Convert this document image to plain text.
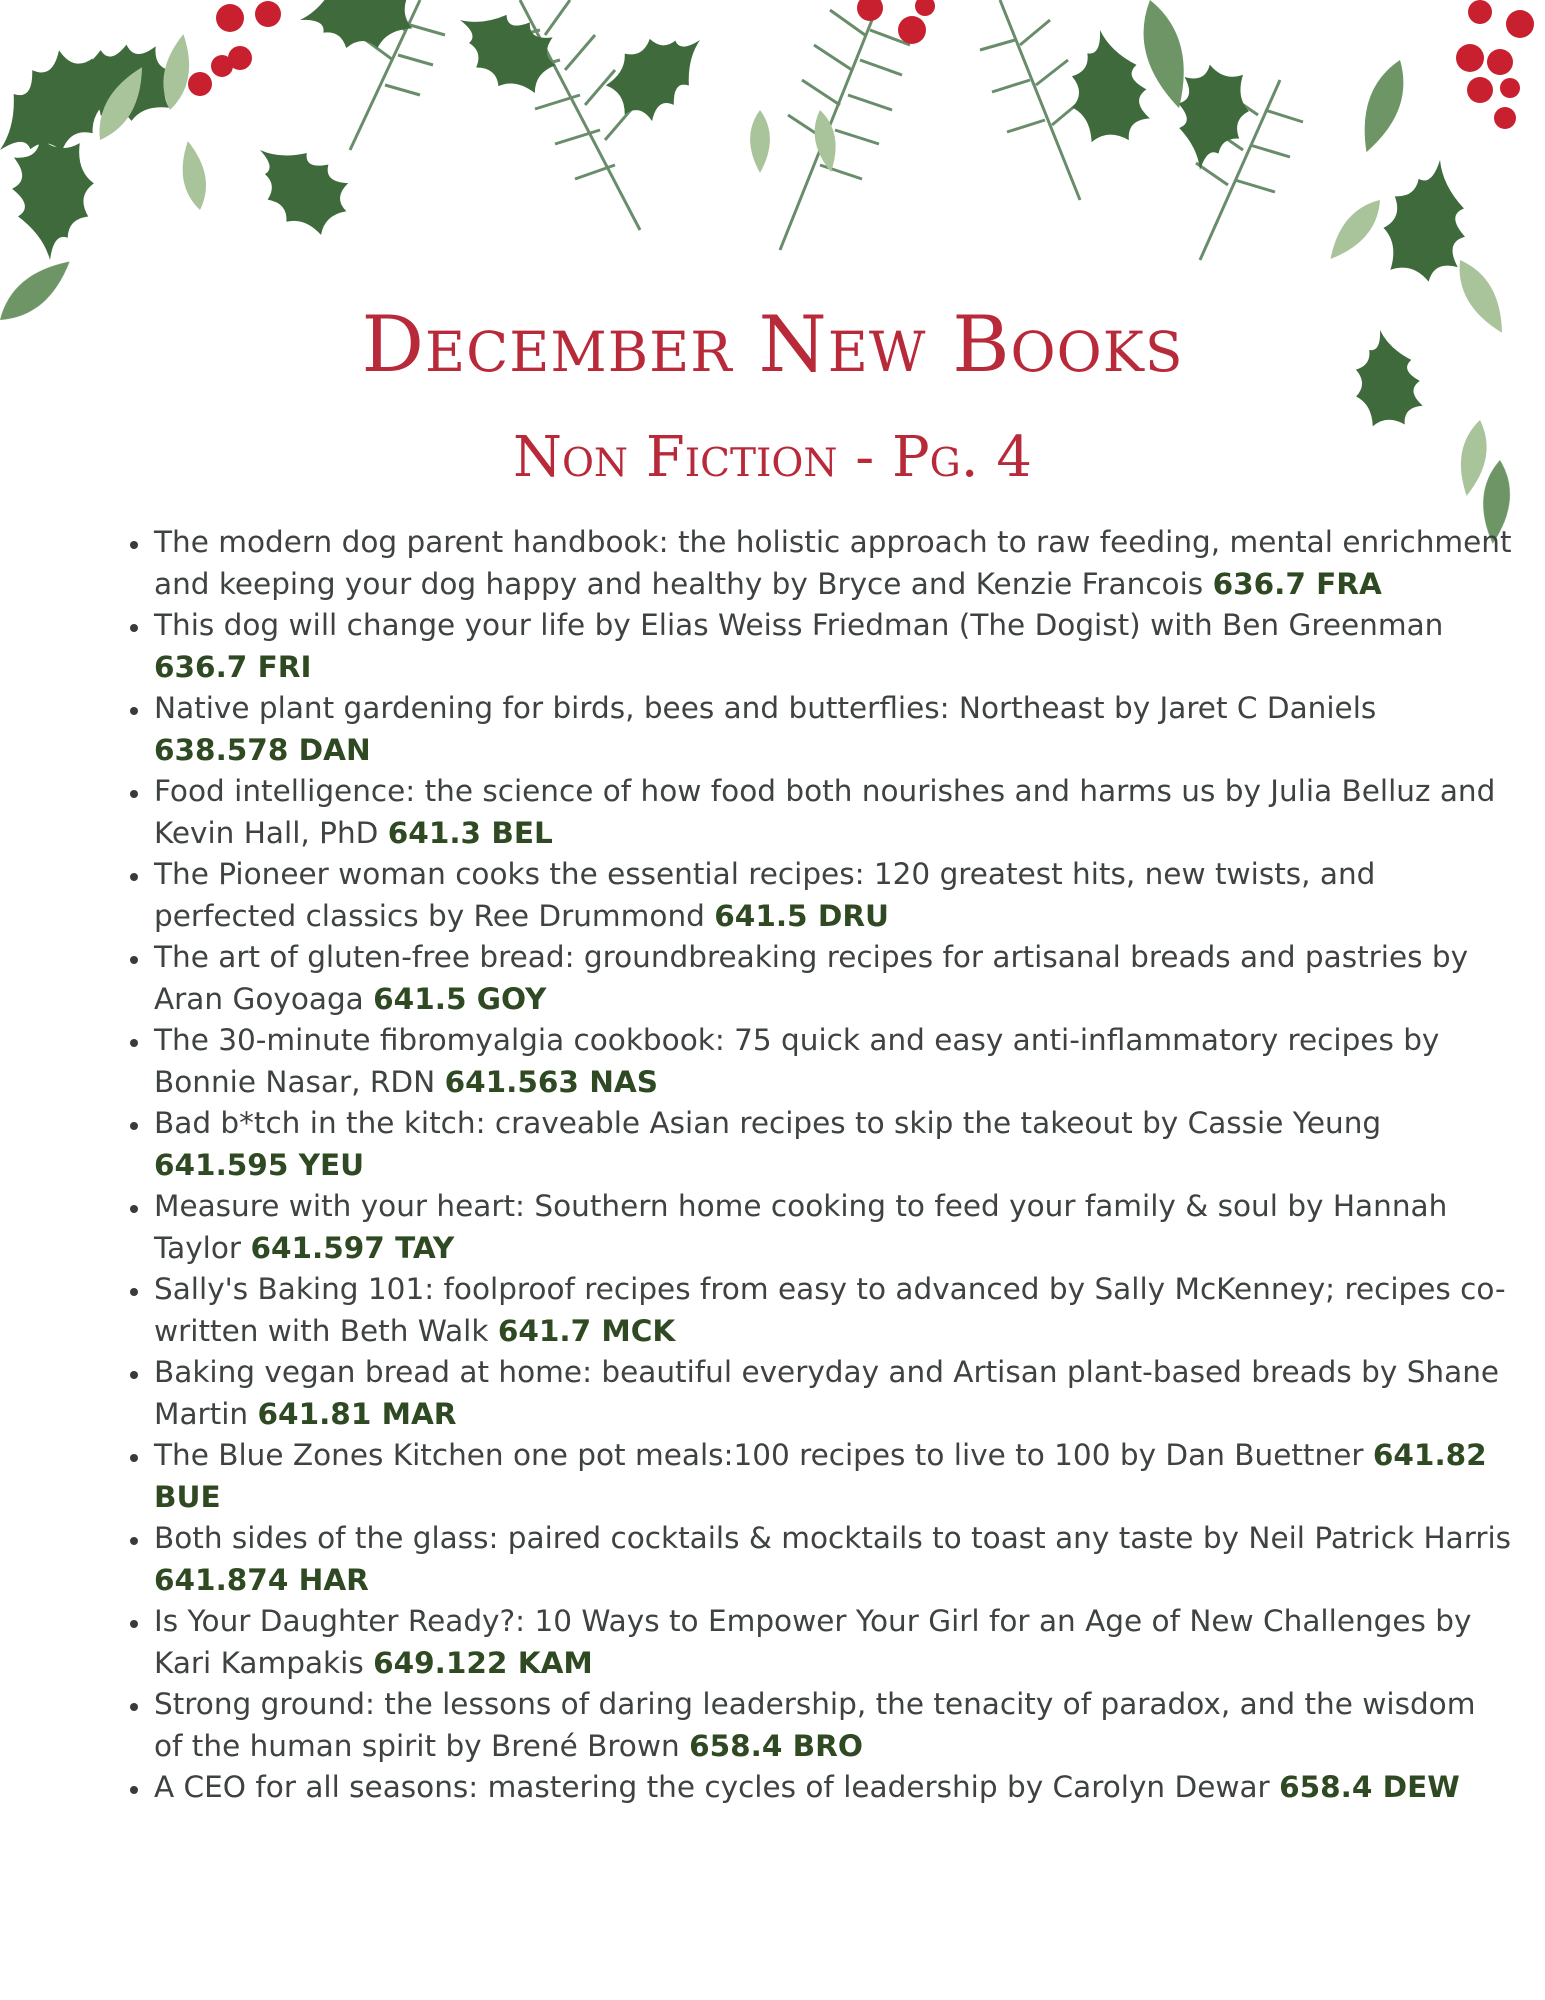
December New Books
Non Fiction - Pg. 4
• The modern dog parent handbook: the holistic approach to raw feeding, mental enrichment and keeping your dog happy and healthy by Bryce and Kenzie Francois 636.7 FRA
• This dog will change your life by Elias Weiss Friedman (The Dogist) with Ben Greenman 636.7 FRI
• Native plant gardening for birds, bees and butterflies: Northeast by Jaret C Daniels 638.578 DAN
• Food intelligence: the science of how food both nourishes and harms us by Julia Belluz and Kevin Hall, PhD 641.3 BEL
• The Pioneer woman cooks the essential recipes: 120 greatest hits, new twists, and perfected classics by Ree Drummond 641.5 DRU
• The art of gluten-free bread: groundbreaking recipes for artisanal breads and pastries by Aran Goyoaga 641.5 GOY
• The 30-minute fibromyalgia cookbook: 75 quick and easy anti-inflammatory recipes by Bonnie Nasar, RDN 641.563 NAS
• Bad b*tch in the kitch: craveable Asian recipes to skip the takeout by Cassie Yeung 641.595 YEU
• Measure with your heart: Southern home cooking to feed your family & soul by Hannah Taylor 641.597 TAY
• Sally's Baking 101: foolproof recipes from easy to advanced by Sally McKenney; recipes co-written with Beth Walk 641.7 MCK
• Baking vegan bread at home: beautiful everyday and Artisan plant-based breads by Shane Martin 641.81 MAR
• The Blue Zones Kitchen one pot meals:100 recipes to live to 100 by Dan Buettner 641.82 BUE
• Both sides of the glass: paired cocktails & mocktails to toast any taste by Neil Patrick Harris 641.874 HAR
• Is Your Daughter Ready?: 10 Ways to Empower Your Girl for an Age of New Challenges by Kari Kampakis 649.122 KAM
• Strong ground: the lessons of daring leadership, the tenacity of paradox, and the wisdom of the human spirit by Brené Brown 658.4 BRO
• A CEO for all seasons: mastering the cycles of leadership by Carolyn Dewar 658.4 DEW
